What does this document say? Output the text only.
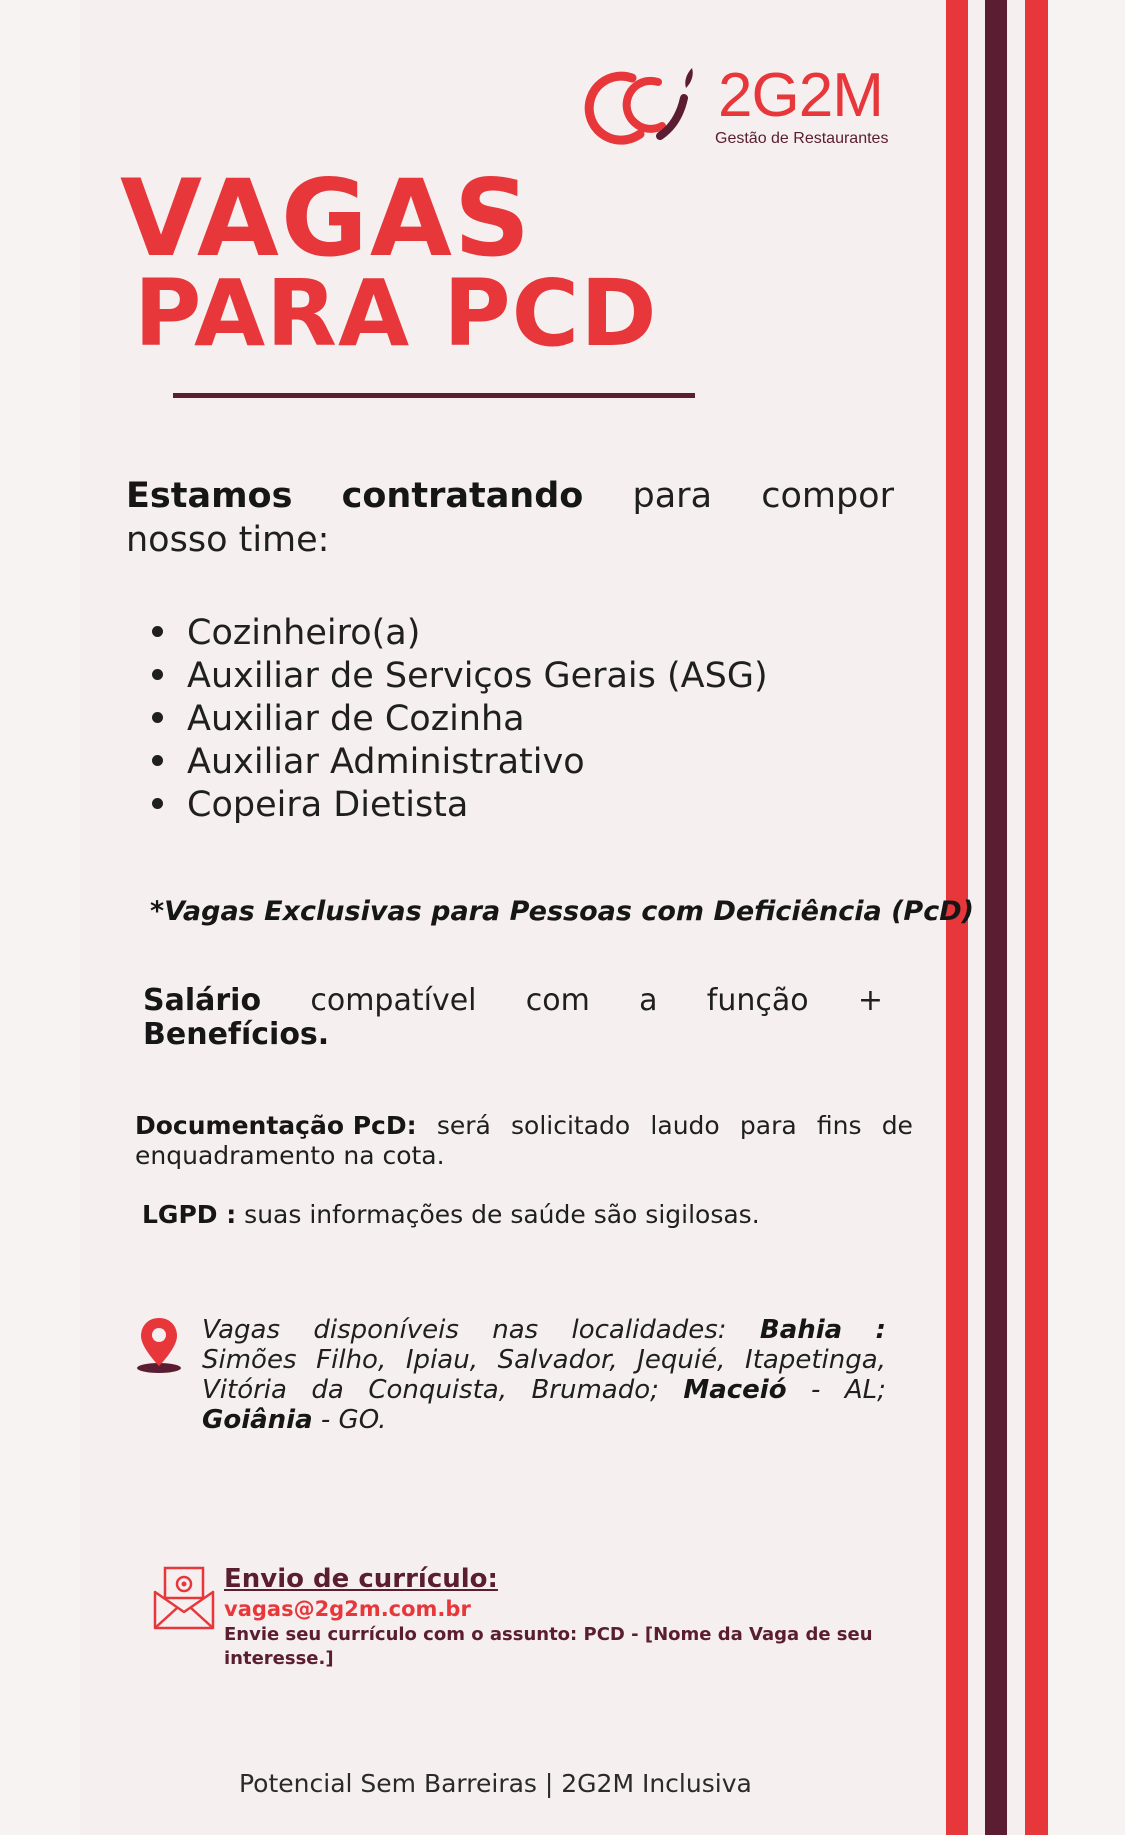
2G2M
Gestão de Restaurantes
VAGAS
PARA PCD
Estamos contratando para compor
nosso time:
Cozinheiro(a)
Auxiliar de Serviços Gerais (ASG)
Auxiliar de Cozinha
Auxiliar Administrativo
Copeira Dietista
*Vagas Exclusivas para Pessoas com Deficiência (PcD)
Salário compatível com a função +
Benefícios.
Documentação PcD: será solicitado laudo para fins de
enquadramento na cota.
LGPD : suas informações de saúde são sigilosas.
Vagas disponíveis nas localidades: Bahia :
Simões Filho, Ipiau, Salvador, Jequié, Itapetinga,
Vitória da Conquista, Brumado; Maceió - AL;
Goiânia - GO.
Envio de currículo:
vagas@2g2m.com.br
Envie seu currículo com o assunto: PCD - [Nome da Vaga de seu interesse.]
Potencial Sem Barreiras | 2G2M Inclusiva
